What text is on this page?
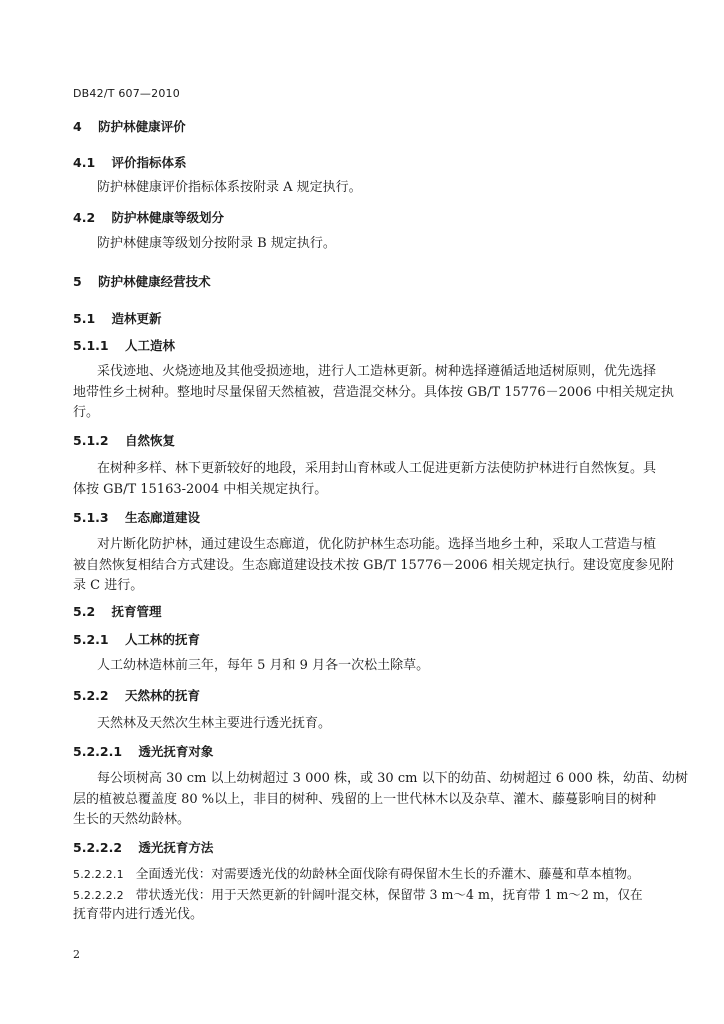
DB42/T 607—2010
4 防护林健康评价
4.1 评价指标体系
防护林健康评价指标体系按附录 A 规定执行。
4.2 防护林健康等级划分
防护林健康等级划分按附录 B 规定执行。
5 防护林健康经营技术
5.1 造林更新
5.1.1 人工造林
采伐迹地、火烧迹地及其他受损迹地，进行人工造林更新。树种选择遵循适地适树原则，优先选择
地带性乡土树种。整地时尽量保留天然植被，营造混交林分。具体按 GB/T 15776－2006 中相关规定执
行。
5.1.2 自然恢复
在树种多样、林下更新较好的地段，采用封山育林或人工促进更新方法使防护林进行自然恢复。具
体按 GB/T 15163-2004 中相关规定执行。
5.1.3 生态廊道建设
对片断化防护林，通过建设生态廊道，优化防护林生态功能。选择当地乡土种，采取人工营造与植
被自然恢复相结合方式建设。生态廊道建设技术按 GB/T 15776－2006 相关规定执行。建设宽度参见附
录 C 进行。
5.2 抚育管理
5.2.1 人工林的抚育
人工幼林造林前三年，每年 5 月和 9 月各一次松土除草。
5.2.2 天然林的抚育
天然林及天然次生林主要进行透光抚育。
5.2.2.1 透光抚育对象
每公顷树高 30 cm 以上幼树超过 3 000 株，或 30 cm 以下的幼苗、幼树超过 6 000 株，幼苗、幼树
层的植被总覆盖度 80 %以上，非目的树种、残留的上一世代林木以及杂草、灌木、藤蔓影响目的树种
生长的天然幼龄林。
5.2.2.2 透光抚育方法
5.2.2.2.1 全面透光伐：对需要透光伐的幼龄林全面伐除有碍保留木生长的乔灌木、藤蔓和草本植物。
5.2.2.2.2 带状透光伐：用于天然更新的针阔叶混交林，保留带 3 m～4 m，抚育带 1 m～2 m，仅在
抚育带内进行透光伐。
2
